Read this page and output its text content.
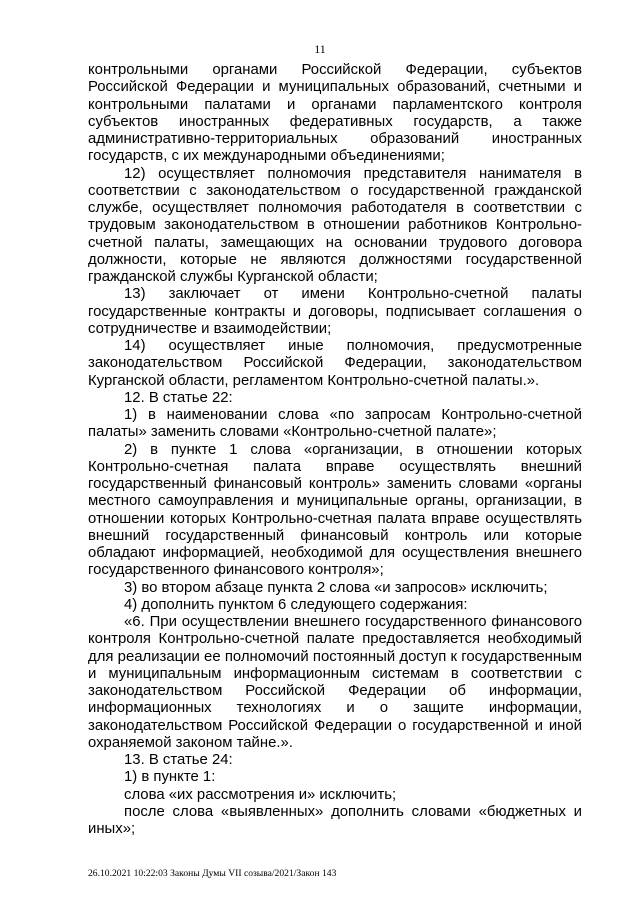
11

контрольными органами Российской Федерации, субъектов Российской Федерации и муниципальных образований, счетными и контрольными палатами и органами парламентского контроля субъектов иностранных федеративных государств, а также административно-территориальных образований иностранных государств, с их международными объединениями;

12) осуществляет полномочия представителя нанимателя в соответствии с законодательством о государственной гражданской службе, осуществляет полномочия работодателя в соответствии с трудовым законодательством в отношении работников Контрольно-счетной палаты, замещающих на основании трудового договора должности, которые не являются должностями государственной гражданской службы Курганской области;

13) заключает от имени Контрольно-счетной палаты государственные контракты и договоры, подписывает соглашения о сотрудничестве и взаимодействии;

14) осуществляет иные полномочия, предусмотренные законодательством Российской Федерации, законодательством Курганской области, регламентом Контрольно-счетной палаты.».

12. В статье 22:

1) в наименовании слова «по запросам Контрольно-счетной палаты» заменить словами «Контрольно-счетной палате»;

2) в пункте 1 слова «организации, в отношении которых Контрольно-счетная палата вправе осуществлять внешний государственный финансовый контроль» заменить словами «органы местного самоуправления и муниципальные органы, организации, в отношении которых Контрольно-счетная палата вправе осуществлять внешний государственный финансовый контроль или которые обладают информацией, необходимой для осуществления внешнего государственного финансового контроля»;

3) во втором абзаце пункта 2 слова «и запросов» исключить;

4) дополнить пунктом 6 следующего содержания:

«6. При осуществлении внешнего государственного финансового контроля Контрольно-счетной палате предоставляется необходимый для реализации ее полномочий постоянный доступ к государственным и муниципальным информационным системам в соответствии с законодательством Российской Федерации об информации, информационных технологиях и о защите информации, законодательством Российской Федерации о государственной и иной охраняемой законом тайне.».

13. В статье 24:

1) в пункте 1:

слова «их рассмотрения и» исключить;

после слова «выявленных» дополнить словами «бюджетных и иных»;

26.10.2021 10:22:03 Законы Думы VII созыва/2021/Закон 143
